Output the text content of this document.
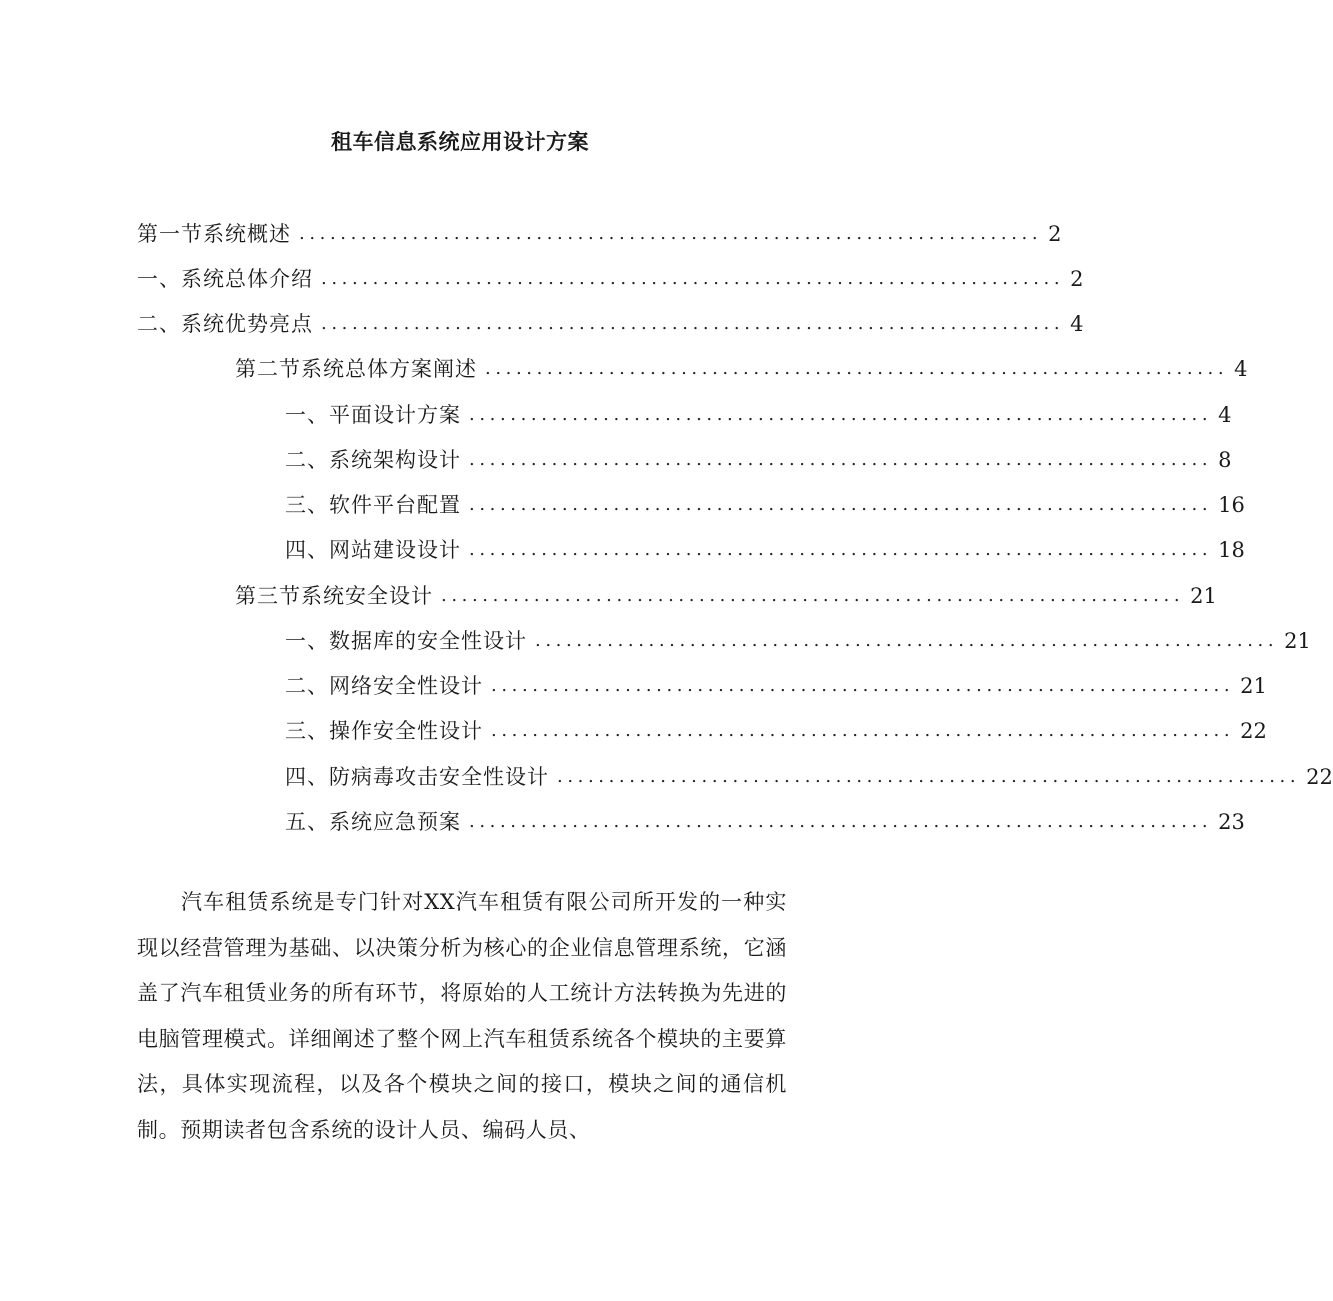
租车信息系统应用设计方案
第一节系统概述 ........................................................................ 2
一、系统总体介绍 ........................................................................ 2
二、系统优势亮点 ........................................................................ 4
第二节系统总体方案阐述 ........................................................................ 4
一、平面设计方案 ........................................................................ 4
二、系统架构设计 ........................................................................ 8
三、软件平台配置 ........................................................................ 16
四、网站建设设计 ........................................................................ 18
第三节系统安全设计 ........................................................................ 21
一、数据库的安全性设计 ........................................................................ 21
二、网络安全性设计 ........................................................................ 21
三、操作安全性设计 ........................................................................ 22
四、防病毒攻击安全性设计 ........................................................................ 22
五、系统应急预案 ........................................................................ 23

汽车租赁系统是专门针对XX汽车租赁有限公司所开发的一种实现以经营管理为基础、以决策分析为核心的企业信息管理系统，它涵盖了汽车租赁业务的所有环节，将原始的人工统计方法转换为先进的电脑管理模式。详细阐述了整个网上汽车租赁系统各个模块的主要算法，具体实现流程，以及各个模块之间的接口，模块之间的通信机制。预期读者包含系统的设计人员、编码人员、
